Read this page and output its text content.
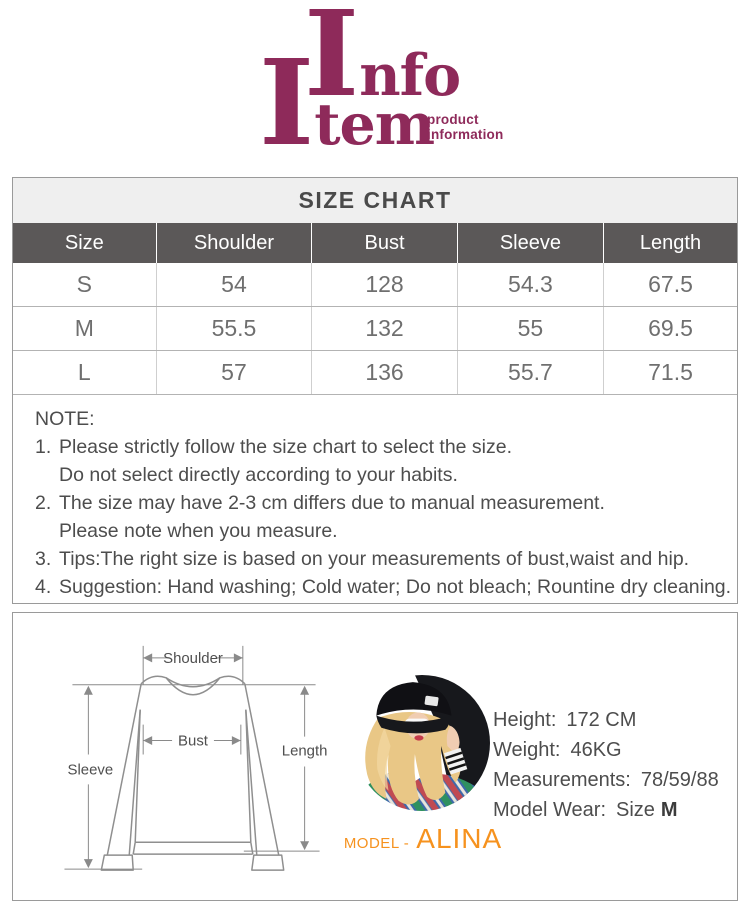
Info
Item
product
information
SIZE CHART
Size	Shoulder	Bust	Sleeve	Length
S	54	128	54.3	67.5
M	55.5	132	55	69.5
L	57	136	55.7	71.5
NOTE:
1. Please strictly follow the size chart to select the size.
Do not select directly according to your habits.
2. The size may have 2-3 cm differs due to manual measurement.
Please note when you measure.
3. Tips:The right size is based on your measurements of bust,waist and hip.
4. Suggestion: Hand washing; Cold water; Do not bleach; Rountine dry cleaning.
Shoulder
Bust
Sleeve
Length
MODEL - ALINA
Height: 172 CM
Weight: 46KG
Measurements: 78/59/88
Model Wear: Size M
